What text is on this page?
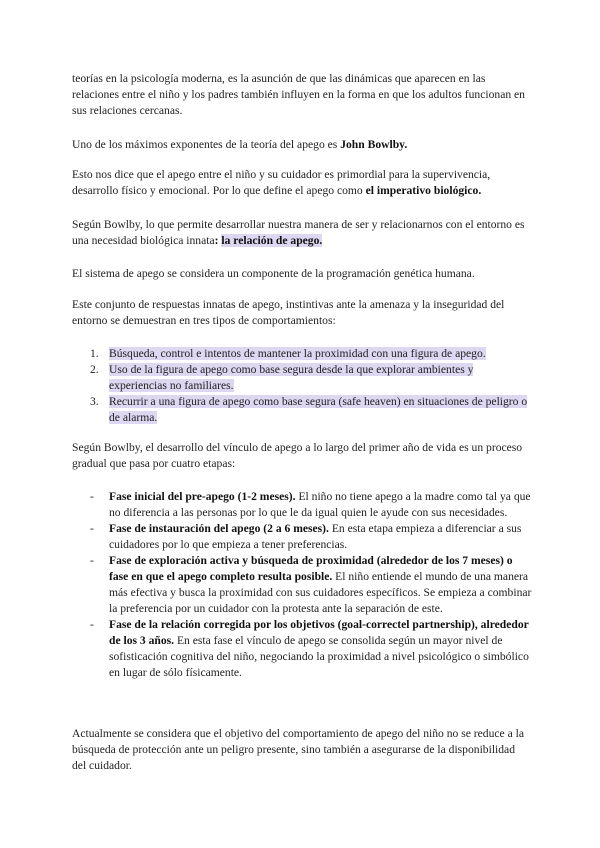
teorías en la psicología moderna, es la asunción de que las dinámicas que aparecen en las relaciones entre el niño y los padres también influyen en la forma en que los adultos funcionan en sus relaciones cercanas.

Uno de los máximos exponentes de la teoría del apego es John Bowlby.

Esto nos dice que el apego entre el niño y su cuidador es primordial para la supervivencia, desarrollo físico y emocional. Por lo que define el apego como el imperativo biológico.

Según Bowlby, lo que permite desarrollar nuestra manera de ser y relacionarnos con el entorno es una necesidad biológica innata: la relación de apego.

El sistema de apego se considera un componente de la programación genética humana.

Este conjunto de respuestas innatas de apego, instintivas ante la amenaza y la inseguridad del entorno se demuestran en tres tipos de comportamientos:

1. Búsqueda, control e intentos de mantener la proximidad con una figura de apego.
2. Uso de la figura de apego como base segura desde la que explorar ambientes y experiencias no familiares.
3. Recurrir a una figura de apego como base segura (safe heaven) en situaciones de peligro o de alarma.

Según Bowlby, el desarrollo del vínculo de apego a lo largo del primer año de vida es un proceso gradual que pasa por cuatro etapas:

- Fase inicial del pre-apego (1-2 meses). El niño no tiene apego a la madre como tal ya que no diferencia a las personas por lo que le da igual quien le ayude con sus necesidades.
- Fase de instauración del apego (2 a 6 meses). En esta etapa empieza a diferenciar a sus cuidadores por lo que empieza a tener preferencias.
- Fase de exploración activa y búsqueda de proximidad (alrededor de los 7 meses) o fase en que el apego completo resulta posible. El niño entiende el mundo de una manera más efectiva y busca la proximidad con sus cuidadores específicos. Se empieza a combinar la preferencia por un cuidador con la protesta ante la separación de este.
- Fase de la relación corregida por los objetivos (goal-correctel partnership), alrededor de los 3 años. En esta fase el vínculo de apego se consolida según un mayor nivel de sofisticación cognitiva del niño, negociando la proximidad a nivel psicológico o simbólico en lugar de sólo físicamente.

Actualmente se considera que el objetivo del comportamiento de apego del niño no se reduce a la búsqueda de protección ante un peligro presente, sino también a asegurarse de la disponibilidad del cuidador.
